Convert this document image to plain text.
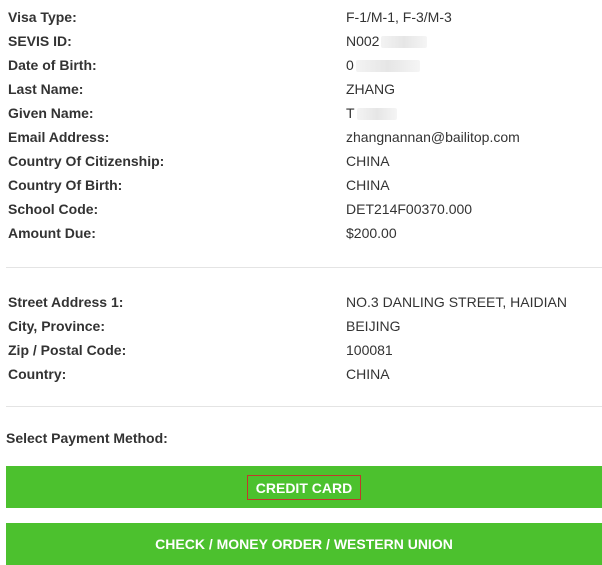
Visa Type:	F-1/M-1, F-3/M-3
SEVIS ID:	N002
Date of Birth:	0
Last Name:	ZHANG
Given Name:	T
Email Address:	zhangnannan@bailitop.com
Country Of Citizenship:	CHINA
Country Of Birth:	CHINA
School Code:	DET214F00370.000
Amount Due:	$200.00
Street Address 1:	NO.3 DANLING STREET, HAIDIAN
City, Province:	BEIJING
Zip / Postal Code:	100081
Country:	CHINA
Select Payment Method:
CREDIT CARD
CHECK / MONEY ORDER / WESTERN UNION
